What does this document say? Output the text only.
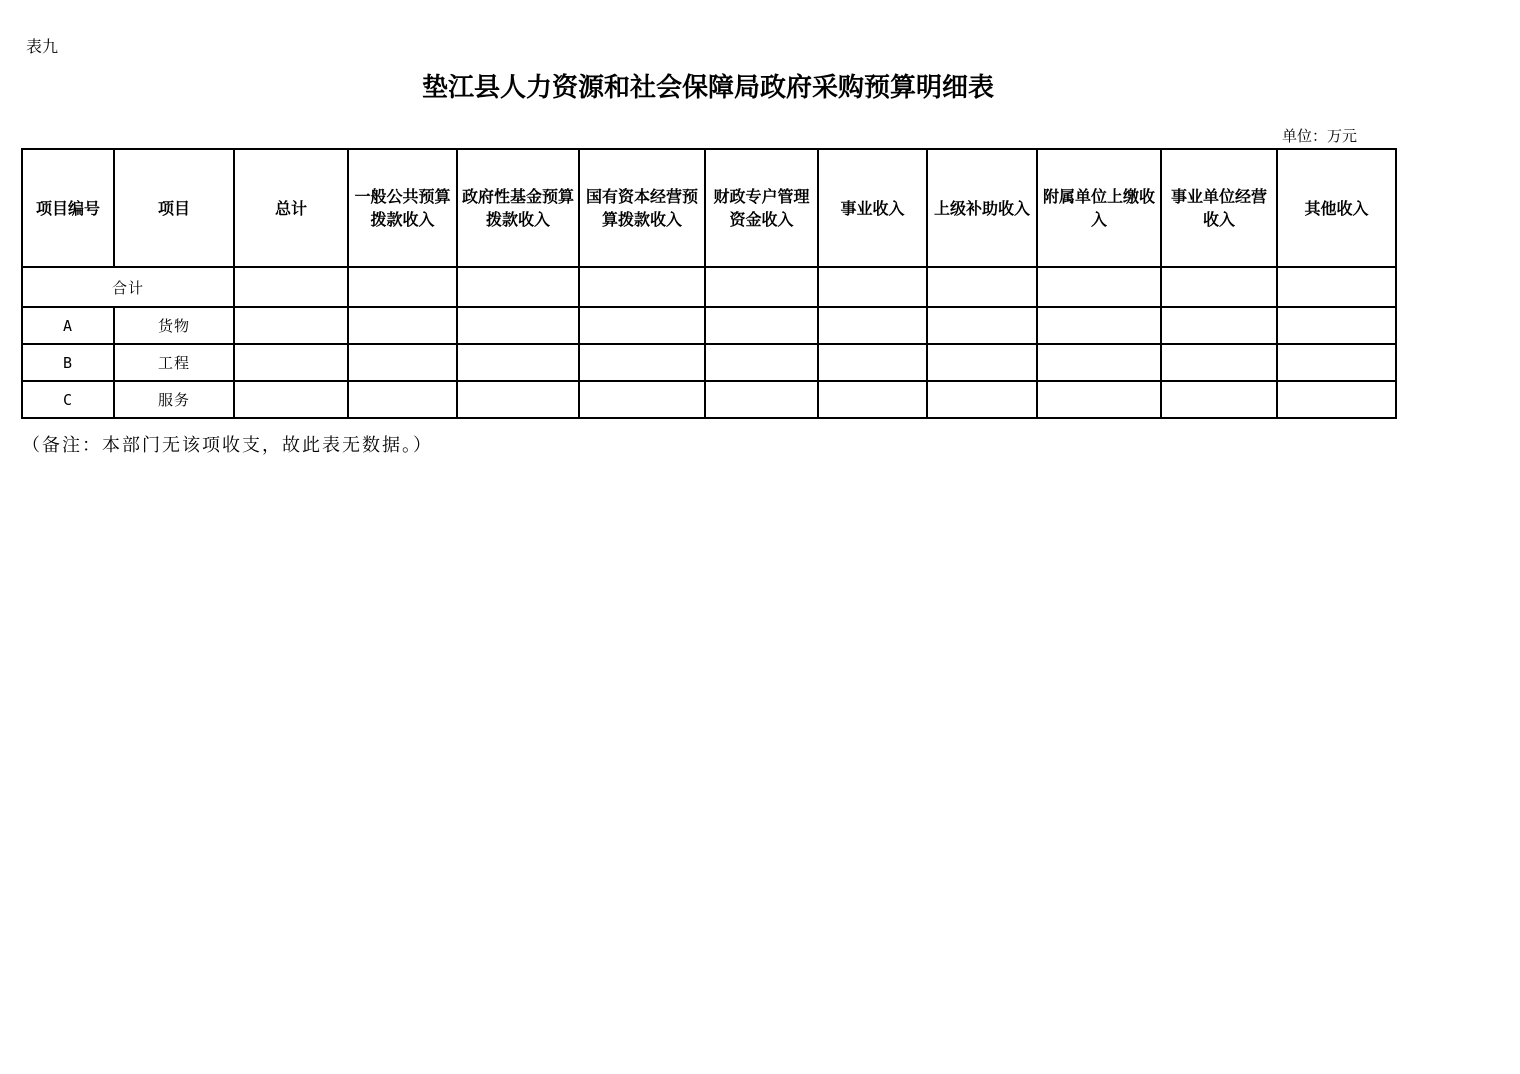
表九
垫江县人力资源和社会保障局政府采购预算明细表
单位：万元
项目编号	项目	总计	一般公共预算拨款收入	政府性基金预算拨款收入	国有资本经营预算拨款收入	财政专户管理资金收入	事业收入	上级补助收入	附属单位上缴收入	事业单位经营收入	其他收入
合计											
A	货物										
B	工程										
C	服务										
（备注：本部门无该项收支，故此表无数据。）
